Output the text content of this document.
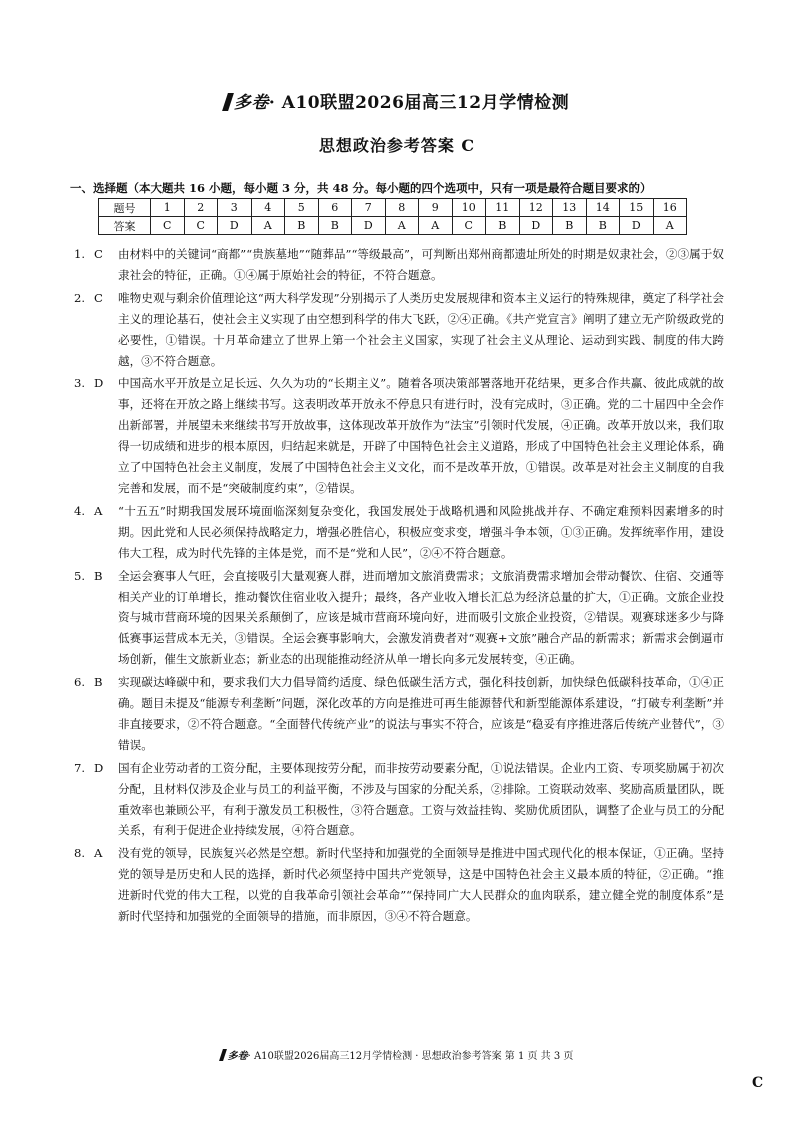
多卷· A10联盟2026届高三12月学情检测
思想政治参考答案 C
一、选择题（本大题共 16 小题，每小题 3 分，共 48 分。每小题的四个选项中，只有一项是最符合题目要求的）
题号	1	2	3	4	5	6	7	8	9	10	11	12	13	14	15	16
答案	C	C	D	A	B	B	D	A	A	C	B	D	B	B	D	A
1. C 由材料中的关键词“商都”“贵族墓地”“随葬品”“等级最高”，可判断出郑州商都遗址所处的时期是奴隶社会，②③属于奴隶社会的特征，正确。①④属于原始社会的特征，不符合题意。
2. C 唯物史观与剩余价值理论这“两大科学发现”分别揭示了人类历史发展规律和资本主义运行的特殊规律，奠定了科学社会主义的理论基石，使社会主义实现了由空想到科学的伟大飞跃，②④正确。《共产党宣言》阐明了建立无产阶级政党的必要性，①错误。十月革命建立了世界上第一个社会主义国家，实现了社会主义从理论、运动到实践、制度的伟大跨越，③不符合题意。
3. D 中国高水平开放是立足长远、久久为功的“长期主义”。随着各项决策部署落地开花结果，更多合作共赢、彼此成就的故事，还将在开放之路上继续书写。这表明改革开放永不停息只有进行时，没有完成时，③正确。党的二十届四中全会作出新部署，并展望未来继续书写开放故事，这体现改革开放作为“法宝”引领时代发展，④正确。改革开放以来，我们取得一切成绩和进步的根本原因，归结起来就是，开辟了中国特色社会主义道路，形成了中国特色社会主义理论体系，确立了中国特色社会主义制度，发展了中国特色社会主义文化，而不是改革开放，①错误。改革是对社会主义制度的自我完善和发展，而不是“突破制度约束”，②错误。
4. A “十五五”时期我国发展环境面临深刻复杂变化，我国发展处于战略机遇和风险挑战并存、不确定难预料因素增多的时期。因此党和人民必须保持战略定力，增强必胜信心，积极应变求变，增强斗争本领，①③正确。发挥统率作用，建设伟大工程，成为时代先锋的主体是党，而不是“党和人民”，②④不符合题意。
5. B 全运会赛事人气旺，会直接吸引大量观赛人群，进而增加文旅消费需求；文旅消费需求增加会带动餐饮、住宿、交通等相关产业的订单增长，推动餐饮住宿业收入提升；最终，各产业收入增长汇总为经济总量的扩大，①正确。文旅企业投资与城市营商环境的因果关系颠倒了，应该是城市营商环境向好，进而吸引文旅企业投资，②错误。观赛球迷多少与降低赛事运营成本无关，③错误。全运会赛事影响大，会激发消费者对“观赛+文旅”融合产品的新需求；新需求会倒逼市场创新，催生文旅新业态；新业态的出现能推动经济从单一增长向多元发展转变，④正确。
6. B 实现碳达峰碳中和，要求我们大力倡导简约适度、绿色低碳生活方式，强化科技创新，加快绿色低碳科技革命，①④正确。题目未提及“能源专利垄断”问题，深化改革的方向是推进可再生能源替代和新型能源体系建设，“打破专利垄断”并非直接要求，②不符合题意。“全面替代传统产业”的说法与事实不符合，应该是“稳妥有序推进落后传统产业替代”，③错误。
7. D 国有企业劳动者的工资分配，主要体现按劳分配，而非按劳动要素分配，①说法错误。企业内工资、专项奖励属于初次分配，且材料仅涉及企业与员工的利益平衡，不涉及与国家的分配关系，②排除。工资联动效率、奖励高质量团队，既重效率也兼顾公平，有利于激发员工积极性，③符合题意。工资与效益挂钩、奖励优质团队，调整了企业与员工的分配关系，有利于促进企业持续发展，④符合题意。
8. A 没有党的领导，民族复兴必然是空想。新时代坚持和加强党的全面领导是推进中国式现代化的根本保证，①正确。坚持党的领导是历史和人民的选择，新时代必须坚持中国共产党领导，这是中国特色社会主义最本质的特征，②正确。“推进新时代党的伟大工程，以党的自我革命引领社会革命”“保持同广大人民群众的血肉联系，建立健全党的制度体系”是新时代坚持和加强党的全面领导的措施，而非原因，③④不符合题意。
多卷· A10联盟2026届高三12月学情检测 · 思想政治参考答案 第 1 页 共 3 页
C
